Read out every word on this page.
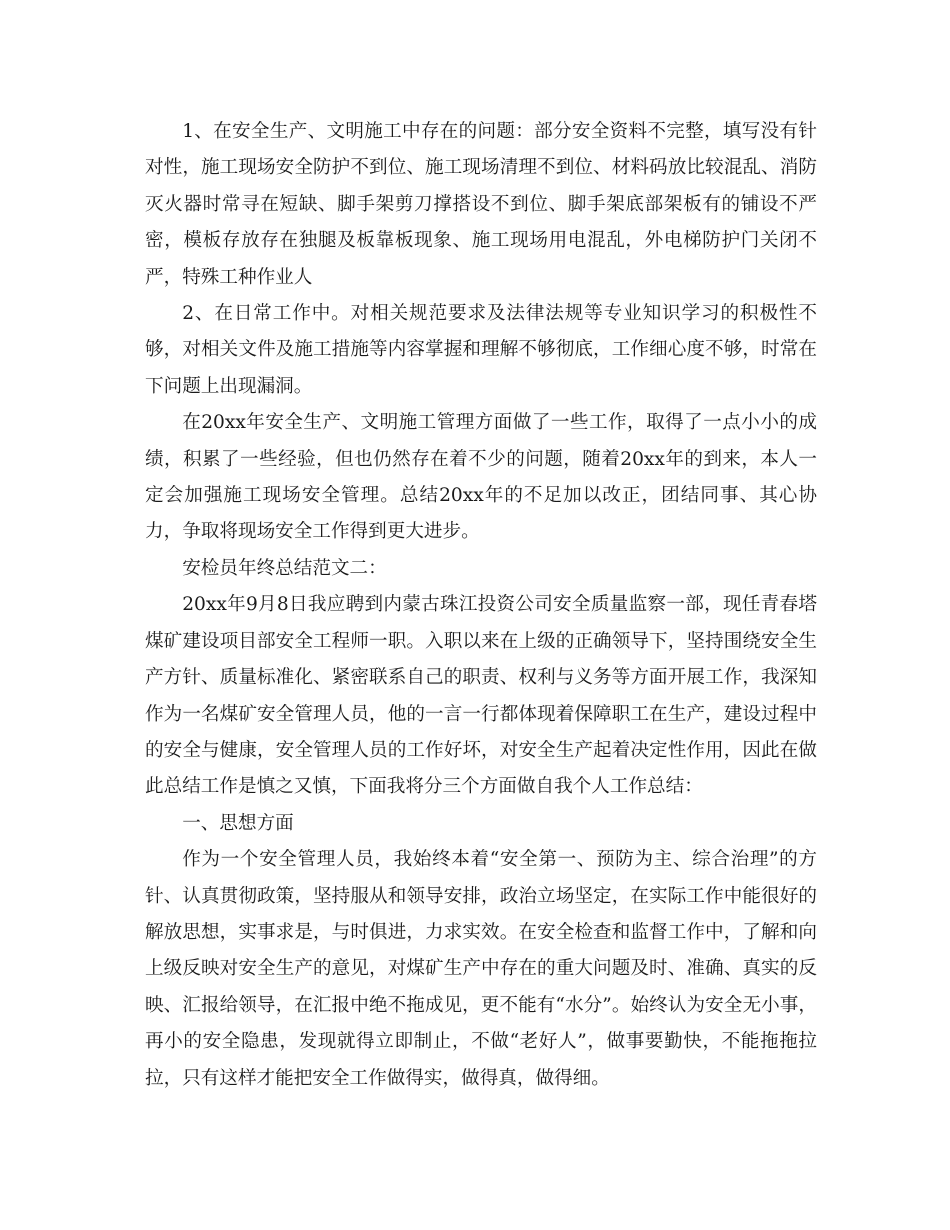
1、在安全生产、文明施工中存在的问题：部分安全资料不完整，填写没有针对性，施工现场安全防护不到位、施工现场清理不到位、材料码放比较混乱、消防灭火器时常寻在短缺、脚手架剪刀撑搭设不到位、脚手架底部架板有的铺设不严密，模板存放存在独腿及板靠板现象、施工现场用电混乱，外电梯防护门关闭不严，特殊工种作业人

2、在日常工作中。对相关规范要求及法律法规等专业知识学习的积极性不够，对相关文件及施工措施等内容掌握和理解不够彻底，工作细心度不够，时常在下问题上出现漏洞。

在20xx年安全生产、文明施工管理方面做了一些工作，取得了一点小小的成绩，积累了一些经验，但也仍然存在着不少的问题，随着20xx年的到来，本人一定会加强施工现场安全管理。总结20xx年的不足加以改正，团结同事、其心协力，争取将现场安全工作得到更大进步。

安检员年终总结范文二：

20xx年9月8日我应聘到内蒙古珠江投资公司安全质量监察一部，现任青春塔煤矿建设项目部安全工程师一职。入职以来在上级的正确领导下，坚持围绕安全生产方针、质量标准化、紧密联系自己的职责、权利与义务等方面开展工作，我深知作为一名煤矿安全管理人员，他的一言一行都体现着保障职工在生产，建设过程中的安全与健康，安全管理人员的工作好坏，对安全生产起着决定性作用，因此在做此总结工作是慎之又慎，下面我将分三个方面做自我个人工作总结：

一、思想方面

作为一个安全管理人员，我始终本着“安全第一、预防为主、综合治理”的方针、认真贯彻政策，坚持服从和领导安排，政治立场坚定，在实际工作中能很好的解放思想，实事求是，与时俱进，力求实效。在安全检查和监督工作中，了解和向上级反映对安全生产的意见，对煤矿生产中存在的重大问题及时、准确、真实的反映、汇报给领导，在汇报中绝不拖成见，更不能有“水分”。始终认为安全无小事，再小的安全隐患，发现就得立即制止，不做“老好人”，做事要勤快，不能拖拖拉拉，只有这样才能把安全工作做得实，做得真，做得细。
